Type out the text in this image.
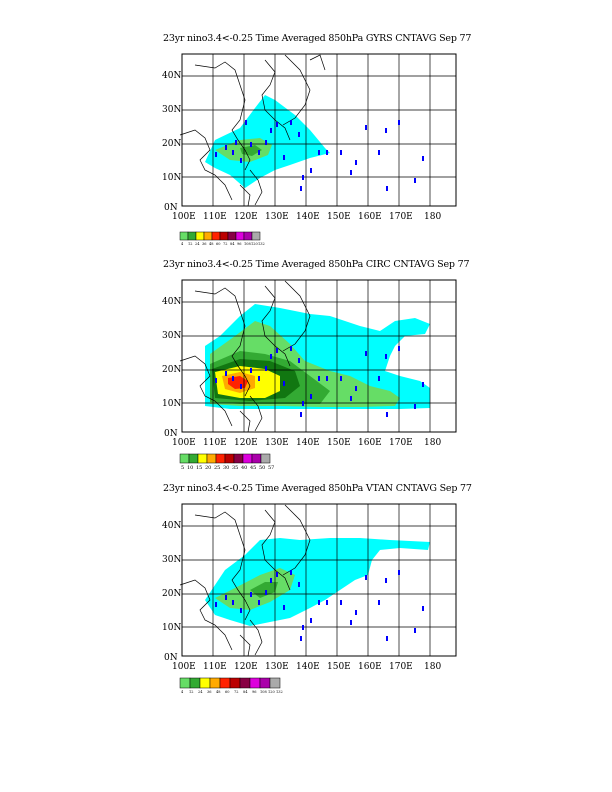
23yr nino3.4<-0.25 Time Averaged 850hPa GYRS CNTAVG Sep 77
40N
30N
20N
10N
0N
100E 110E 120E 130E 140E 150E 160E 170E 180
4 12 24 36 48 60 72 84 96 108 120 132
23yr nino3.4<-0.25 Time Averaged 850hPa CIRC CNTAVG Sep 77
40N
30N
20N
10N
0N
100E 110E 120E 130E 140E 150E 160E 170E 180
5 10 15 20 25 30 35 40 45 50 57
23yr nino3.4<-0.25 Time Averaged 850hPa VTAN CNTAVG Sep 77
40N
30N
20N
10N
0N
100E 110E 120E 130E 140E 150E 160E 170E 180
4 12 24 36 48 60 72 84 96 108 120 132
